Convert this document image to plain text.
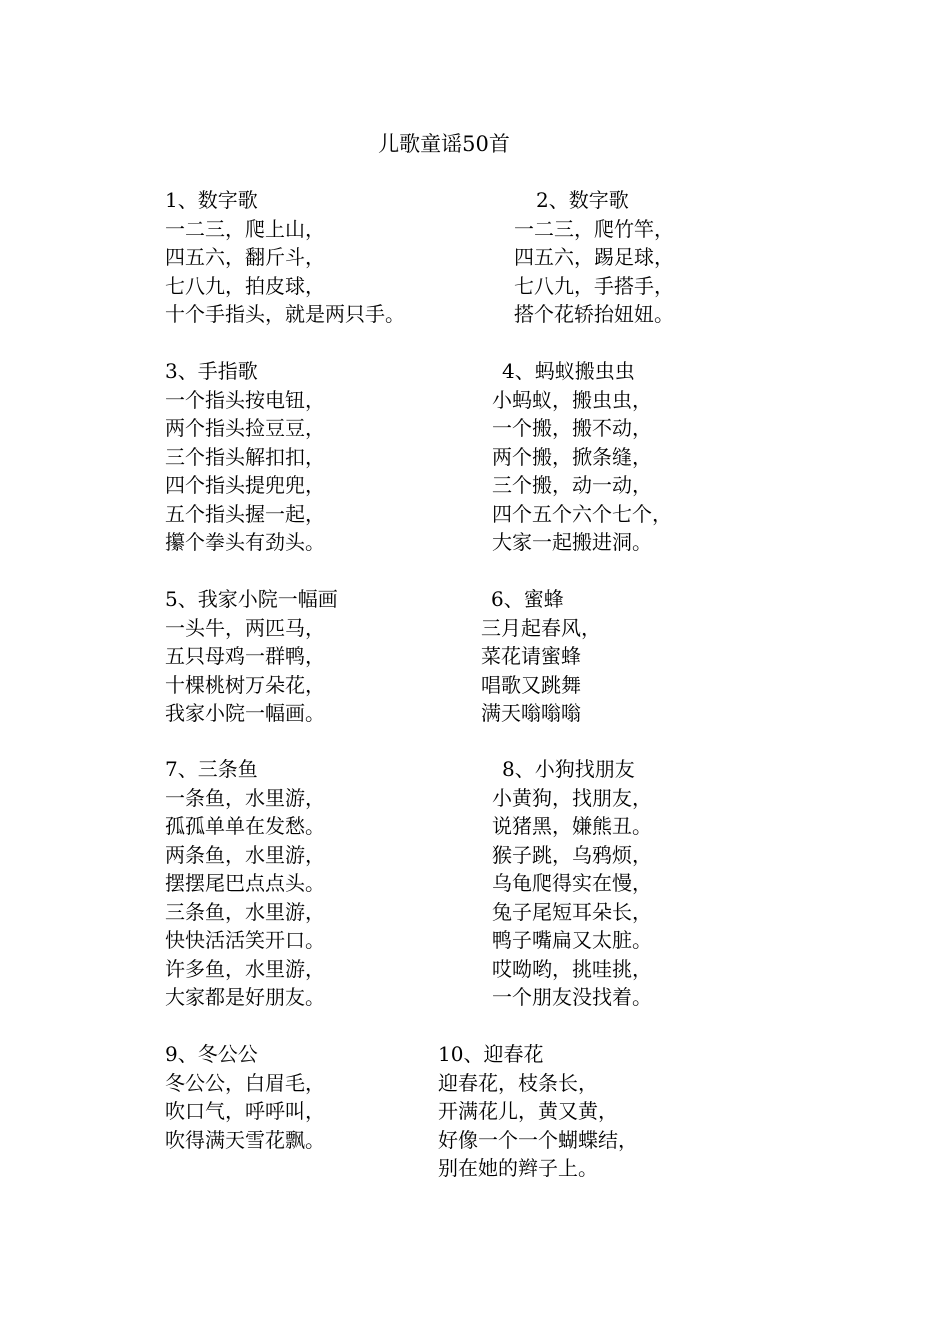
儿歌童谣50首
1、数字歌
一二三，爬上山，
四五六，翻斤斗，
七八九，拍皮球，
十个手指头，就是两只手。
2、数字歌
一二三，爬竹竿，
四五六，踢足球，
七八九，手搭手，
搭个花轿抬妞妞。
3、手指歌
一个指头按电钮，
两个指头捡豆豆，
三个指头解扣扣，
四个指头提兜兜，
五个指头握一起，
攥个拳头有劲头。
4、蚂蚁搬虫虫
小蚂蚁，搬虫虫，
一个搬，搬不动，
两个搬，掀条缝，
三个搬，动一动，
四个五个六个七个，
大家一起搬进洞。
5、我家小院一幅画
一头牛，两匹马，
五只母鸡一群鸭，
十棵桃树万朵花，
我家小院一幅画。
6、蜜蜂
三月起春风，
菜花请蜜蜂
唱歌又跳舞
满天嗡嗡嗡
7、三条鱼
一条鱼，水里游，
孤孤单单在发愁。
两条鱼，水里游，
摆摆尾巴点点头。
三条鱼，水里游，
快快活活笑开口。
许多鱼，水里游，
大家都是好朋友。
8、小狗找朋友
小黄狗，找朋友，
说猪黑，嫌熊丑。
猴子跳，乌鸦烦，
乌龟爬得实在慢，
兔子尾短耳朵长，
鸭子嘴扁又太脏。
哎呦哟，挑哇挑，
一个朋友没找着。
9、冬公公
冬公公，白眉毛，
吹口气，呼呼叫，
吹得满天雪花飘。
10、迎春花
迎春花，枝条长，
开满花儿，黄又黄，
好像一个一个蝴蝶结，
别在她的辫子上。
